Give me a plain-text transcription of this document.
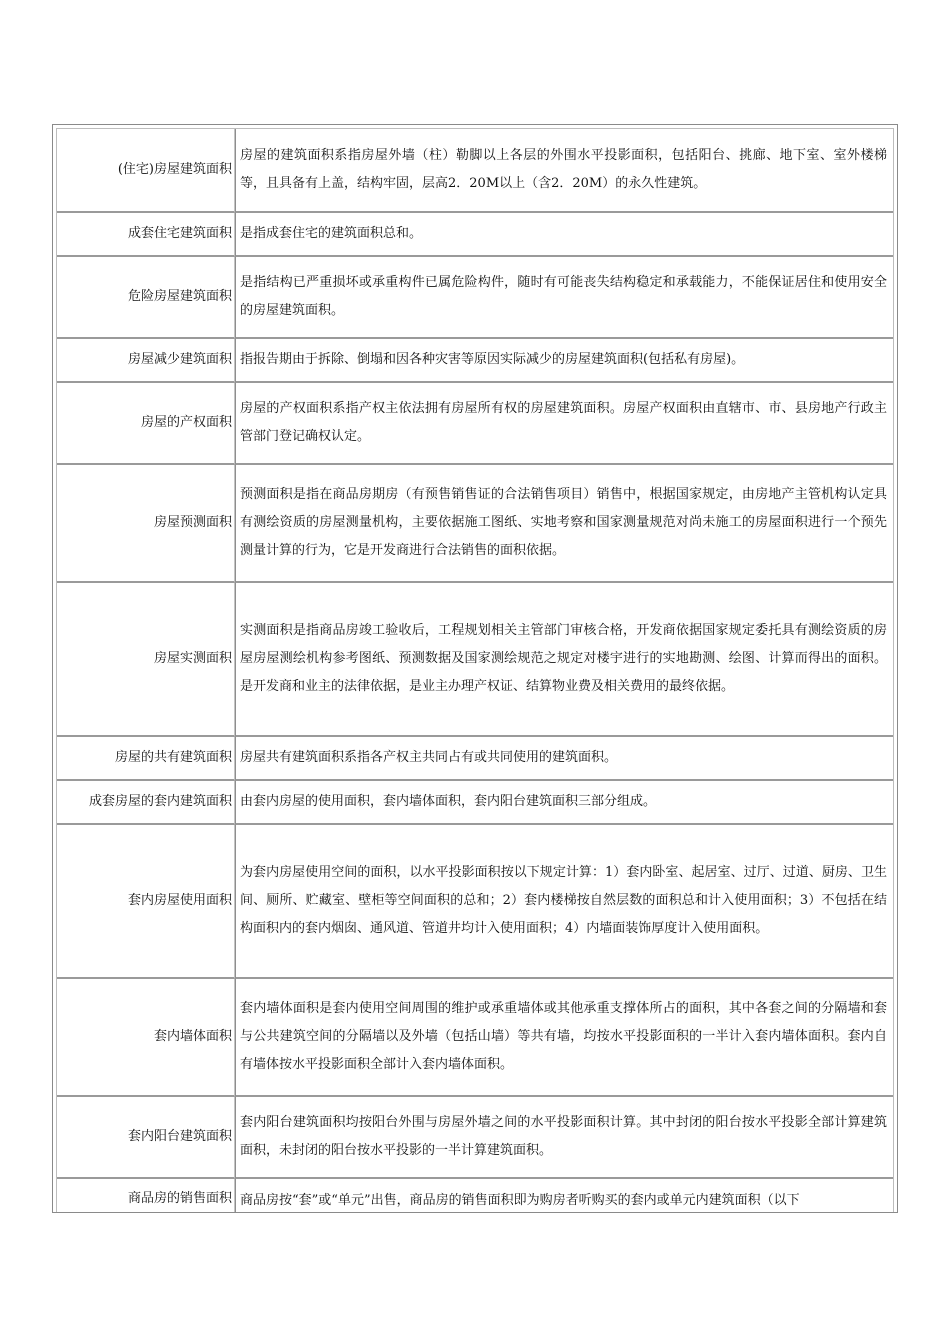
(住宅)房屋建筑面积	房屋的建筑面积系指房屋外墙（柱）勒脚以上各层的外围水平投影面积，包括阳台、挑廊、地下室、室外楼梯等，且具备有上盖，结构牢固，层高2．20M以上（含2．20M）的永久性建筑。
成套住宅建筑面积	是指成套住宅的建筑面积总和。
危险房屋建筑面积	是指结构已严重损坏或承重构件已属危险构件，随时有可能丧失结构稳定和承载能力，不能保证居住和使用安全的房屋建筑面积。
房屋减少建筑面积	指报告期由于拆除、倒塌和因各种灾害等原因实际减少的房屋建筑面积(包括私有房屋)。
房屋的产权面积	房屋的产权面积系指产权主依法拥有房屋所有权的房屋建筑面积。房屋产权面积由直辖市、市、县房地产行政主管部门登记确权认定。
房屋预测面积	预测面积是指在商品房期房（有预售销售证的合法销售项目）销售中，根据国家规定，由房地产主管机构认定具有测绘资质的房屋测量机构，主要依据施工图纸、实地考察和国家测量规范对尚未施工的房屋面积进行一个预先测量计算的行为，它是开发商进行合法销售的面积依据。
房屋实测面积	实测面积是指商品房竣工验收后，工程规划相关主管部门审核合格，开发商依据国家规定委托具有测绘资质的房屋房屋测绘机构参考图纸、预测数据及国家测绘规范之规定对楼宇进行的实地勘测、绘图、计算而得出的面积。是开发商和业主的法律依据，是业主办理产权证、结算物业费及相关费用的最终依据。
房屋的共有建筑面积	房屋共有建筑面积系指各产权主共同占有或共同使用的建筑面积。
成套房屋的套内建筑面积	由套内房屋的使用面积，套内墙体面积，套内阳台建筑面积三部分组成。
套内房屋使用面积	为套内房屋使用空间的面积，以水平投影面积按以下规定计算：1）套内卧室、起居室、过厅、过道、厨房、卫生间、厕所、贮藏室、壁柜等空间面积的总和；2）套内楼梯按自然层数的面积总和计入使用面积；3）不包括在结构面积内的套内烟囱、通风道、管道井均计入使用面积；4）内墙面装饰厚度计入使用面积。
套内墙体面积	套内墙体面积是套内使用空间周围的维护或承重墙体或其他承重支撑体所占的面积，其中各套之间的分隔墙和套与公共建筑空间的分隔墙以及外墙（包括山墙）等共有墙，均按水平投影面积的一半计入套内墙体面积。套内自有墙体按水平投影面积全部计入套内墙体面积。
套内阳台建筑面积	套内阳台建筑面积均按阳台外围与房屋外墙之间的水平投影面积计算。其中封闭的阳台按水平投影全部计算建筑面积，未封闭的阳台按水平投影的一半计算建筑面积。
商品房的销售面积	商品房按“套”或“单元”出售，商品房的销售面积即为购房者听购买的套内或单元内建筑面积（以下
